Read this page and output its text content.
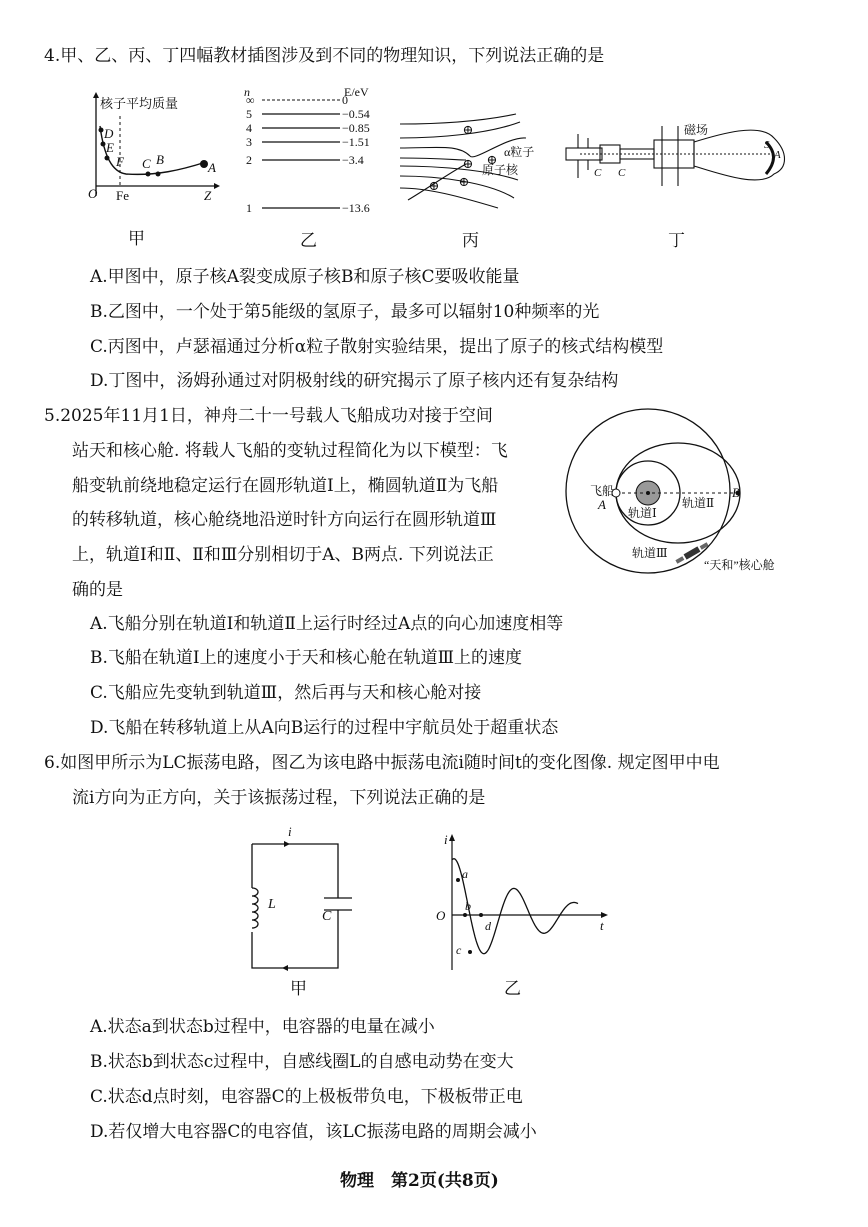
4.甲、乙、丙、丁四幅教材插图涉及到不同的物理知识，下列说法正确的是
核子平均质量
D
E
F C B
A
O Fe	Z
甲
n	E/eV
∞	0
5	−0.54
4	−0.85
3	−1.51
2	−3.4
1	−13.6
乙
⊕
⊕ ⊕
⊕ ⊕ α粒子
原子核
丙
磁场
C C
S
A
丁
A.甲图中，原子核A裂变成原子核B和原子核C要吸收能量
B.乙图中，一个处于第5能级的氢原子，最多可以辐射10种频率的光
C.丙图中，卢瑟福通过分析α粒子散射实验结果，提出了原子的核式结构模型
D.丁图中，汤姆孙通过对阴极射线的研究揭示了原子核内还有复杂结构
5.2025年11月1日，神舟二十一号载人飞船成功对接于空间
站天和核心舱. 将载人飞船的变轨过程简化为以下模型：飞
船变轨前绕地稳定运行在圆形轨道Ⅰ上，椭圆轨道Ⅱ为飞船
的转移轨道，核心舱绕地沿逆时针方向运行在圆形轨道Ⅲ
上，轨道Ⅰ和Ⅱ、Ⅱ和Ⅲ分别相切于A、B两点. 下列说法正
确的是
飞船
A
B
轨道Ⅰ
轨道Ⅱ
轨道Ⅲ
“天和”核心舱
A.飞船分别在轨道Ⅰ和轨道Ⅱ上运行时经过A点的向心加速度相等
B.飞船在轨道Ⅰ上的速度小于天和核心舱在轨道Ⅲ上的速度
C.飞船应先变轨到轨道Ⅲ，然后再与天和核心舱对接
D.飞船在转移轨道上从A向B运行的过程中宇航员处于超重状态
6.如图甲所示为LC振荡电路，图乙为该电路中振荡电流i随时间t的变化图像. 规定图甲中电
流i方向为正方向，关于该振荡过程，下列说法正确的是
i
L
C
甲
i
t
O
a
b
c
d
乙
A.状态a到状态b过程中，电容器的电量在减小
B.状态b到状态c过程中，自感线圈L的自感电动势在变大
C.状态d点时刻，电容器C的上极板带负电，下极板带正电
D.若仅增大电容器C的电容值，该LC振荡电路的周期会减小
物理　第2页(共8页)
